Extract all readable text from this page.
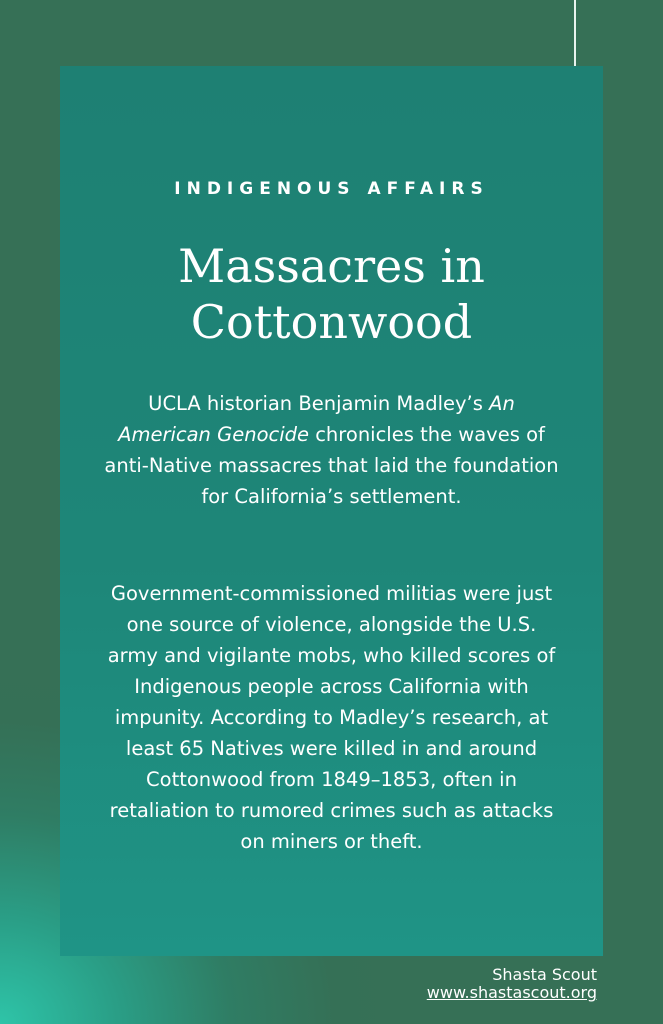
INDIGENOUS AFFAIRS
Massacres in
Cottonwood

UCLA historian Benjamin Madley’s An American Genocide chronicles the waves of anti-Native massacres that laid the foundation for California’s settlement.

Government-commissioned militias were just one source of violence, alongside the U.S. army and vigilante mobs, who killed scores of Indigenous people across California with impunity. According to Madley’s research, at least 65 Natives were killed in and around Cottonwood from 1849–1853, often in retaliation to rumored crimes such as attacks on miners or theft.

Shasta Scout
www.shastascout.org
